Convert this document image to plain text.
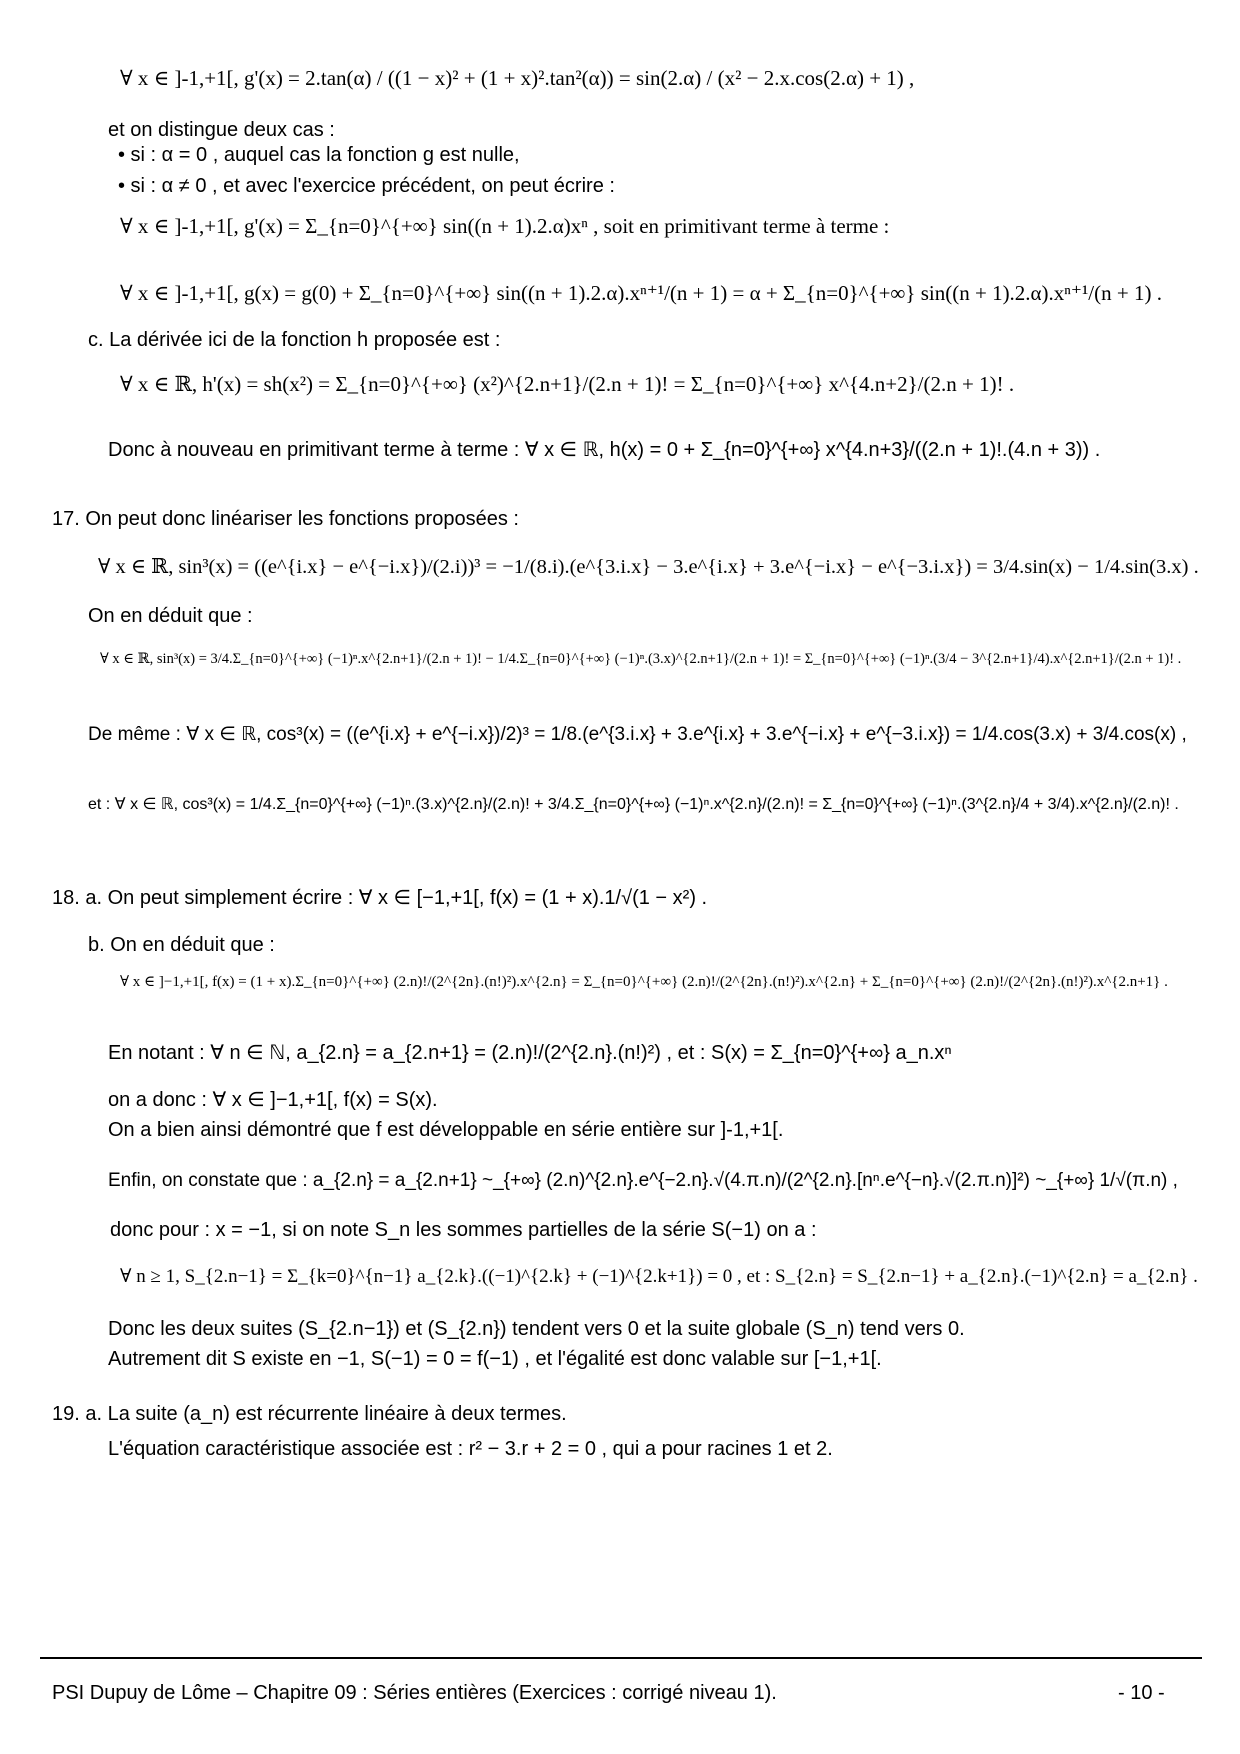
∀ x ∈ ]-1,+1[, g'(x) = 2.tan(α) / ((1 − x)² + (1 + x)².tan²(α)) = sin(2.α) / (x² − 2.x.cos(2.α) + 1) ,
et on distingue deux cas :
• si : α = 0 , auquel cas la fonction g est nulle,
• si : α ≠ 0 , et avec l'exercice précédent, on peut écrire :
∀ x ∈ ]-1,+1[, g'(x) = Σ_{n=0}^{+∞} sin((n + 1).2.α)xⁿ , soit en primitivant terme à terme :
∀ x ∈ ]-1,+1[, g(x) = g(0) + Σ_{n=0}^{+∞} sin((n + 1).2.α).xⁿ⁺¹/(n + 1) = α + Σ_{n=0}^{+∞} sin((n + 1).2.α).xⁿ⁺¹/(n + 1) .
c. La dérivée ici de la fonction h proposée est :
∀ x ∈ ℝ, h'(x) = sh(x²) = Σ_{n=0}^{+∞} (x²)^{2.n+1}/(2.n + 1)! = Σ_{n=0}^{+∞} x^{4.n+2}/(2.n + 1)! .
Donc à nouveau en primitivant terme à terme : ∀ x ∈ ℝ, h(x) = 0 + Σ_{n=0}^{+∞} x^{4.n+3}/((2.n + 1)!.(4.n + 3)) .
17. On peut donc linéariser les fonctions proposées :
∀ x ∈ ℝ, sin³(x) = ((e^{i.x} − e^{−i.x})/(2.i))³ = −1/(8.i).(e^{3.i.x} − 3.e^{i.x} + 3.e^{−i.x} − e^{−3.i.x}) = 3/4.sin(x) − 1/4.sin(3.x) .
On en déduit que :
∀ x ∈ ℝ, sin³(x) = 3/4.Σ_{n=0}^{+∞} (−1)ⁿ.x^{2.n+1}/(2.n + 1)! − 1/4.Σ_{n=0}^{+∞} (−1)ⁿ.(3.x)^{2.n+1}/(2.n + 1)! = Σ_{n=0}^{+∞} (−1)ⁿ.(3/4 − 3^{2.n+1}/4).x^{2.n+1}/(2.n + 1)! .
De même : ∀ x ∈ ℝ, cos³(x) = ((e^{i.x} + e^{−i.x})/2)³ = 1/8.(e^{3.i.x} + 3.e^{i.x} + 3.e^{−i.x} + e^{−3.i.x}) = 1/4.cos(3.x) + 3/4.cos(x) ,
et : ∀ x ∈ ℝ, cos³(x) = 1/4.Σ_{n=0}^{+∞} (−1)ⁿ.(3.x)^{2.n}/(2.n)! + 3/4.Σ_{n=0}^{+∞} (−1)ⁿ.x^{2.n}/(2.n)! = Σ_{n=0}^{+∞} (−1)ⁿ.(3^{2.n}/4 + 3/4).x^{2.n}/(2.n)! .
18. a. On peut simplement écrire : ∀ x ∈ [−1,+1[, f(x) = (1 + x).1/√(1 − x²) .
b. On en déduit que :
∀ x ∈ ]−1,+1[, f(x) = (1 + x).Σ_{n=0}^{+∞} (2.n)!/(2^{2n}.(n!)²).x^{2.n} = Σ_{n=0}^{+∞} (2.n)!/(2^{2n}.(n!)²).x^{2.n} + Σ_{n=0}^{+∞} (2.n)!/(2^{2n}.(n!)²).x^{2.n+1} .
En notant : ∀ n ∈ ℕ, a_{2.n} = a_{2.n+1} = (2.n)!/(2^{2.n}.(n!)²) , et : S(x) = Σ_{n=0}^{+∞} a_n.xⁿ
on a donc : ∀ x ∈ ]−1,+1[, f(x) = S(x).
On a bien ainsi démontré que f est développable en série entière sur ]-1,+1[.
Enfin, on constate que : a_{2.n} = a_{2.n+1} ~_{+∞} (2.n)^{2.n}.e^{−2.n}.√(4.π.n)/(2^{2.n}.[nⁿ.e^{−n}.√(2.π.n)]²) ~_{+∞} 1/√(π.n) ,
donc pour : x = −1, si on note S_n les sommes partielles de la série S(−1) on a :
∀ n ≥ 1, S_{2.n−1} = Σ_{k=0}^{n−1} a_{2.k}.((−1)^{2.k} + (−1)^{2.k+1}) = 0 , et : S_{2.n} = S_{2.n−1} + a_{2.n}.(−1)^{2.n} = a_{2.n} .
Donc les deux suites (S_{2.n−1}) et (S_{2.n}) tendent vers 0 et la suite globale (S_n) tend vers 0.
Autrement dit S existe en −1, S(−1) = 0 = f(−1) , et l'égalité est donc valable sur [−1,+1[.
19. a. La suite (a_n) est récurrente linéaire à deux termes.
L'équation caractéristique associée est : r² − 3.r + 2 = 0 , qui a pour racines 1 et 2.
PSI Dupuy de Lôme – Chapitre 09 : Séries entières (Exercices : corrigé niveau 1).	- 10 -
